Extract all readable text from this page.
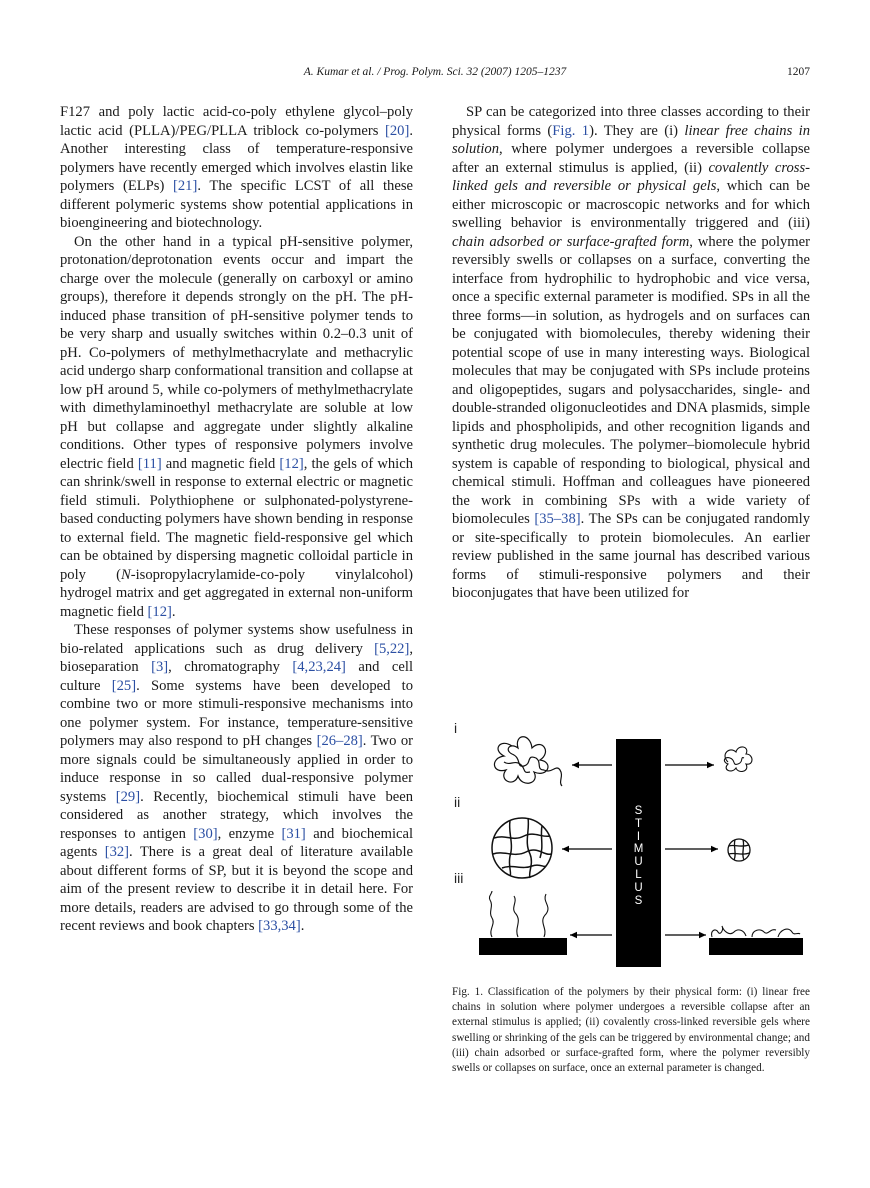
A. Kumar et al. / Prog. Polym. Sci. 32 (2007) 1205–1237	1207

F127 and poly lactic acid-co-poly ethylene glycol–poly lactic acid (PLLA)/PEG/PLLA triblock co-polymers [20]. Another interesting class of temperature-responsive polymers have recently emerged which involves elastin like polymers (ELPs) [21]. The specific LCST of all these different polymeric systems show potential applications in bioengineering and biotechnology.

On the other hand in a typical pH-sensitive polymer, protonation/deprotonation events occur and impart the charge over the molecule (generally on carboxyl or amino groups), therefore it depends strongly on the pH. The pH-induced phase transition of pH-sensitive polymer tends to be very sharp and usually switches within 0.2–0.3 unit of pH. Co-polymers of methylmethacrylate and methacrylic acid undergo sharp conformational transition and collapse at low pH around 5, while co-polymers of methylmethacrylate with dimethylaminoethyl methacrylate are soluble at low pH but collapse and aggregate under slightly alkaline conditions. Other types of responsive polymers involve electric field [11] and magnetic field [12], the gels of which can shrink/swell in response to external electric or magnetic field stimuli. Polythiophene or sulphonated-polystyrene-based conducting polymers have shown bending in response to external field. The magnetic field-responsive gel which can be obtained by dispersing magnetic colloidal particle in poly (N-isopropylacrylamide-co-poly vinylalcohol) hydrogel matrix and get aggregated in external non-uniform magnetic field [12].

These responses of polymer systems show usefulness in bio-related applications such as drug delivery [5,22], bioseparation [3], chromatography [4,23,24] and cell culture [25]. Some systems have been developed to combine two or more stimuli-responsive mechanisms into one polymer system. For instance, temperature-sensitive polymers may also respond to pH changes [26–28]. Two or more signals could be simultaneously applied in order to induce response in so called dual-responsive polymer systems [29]. Recently, biochemical stimuli have been considered as another strategy, which involves the responses to antigen [30], enzyme [31] and biochemical agents [32]. There is a great deal of literature available about different forms of SP, but it is beyond the scope and aim of the present review to describe it in detail here. For more details, readers are advised to go through some of the recent reviews and book chapters [33,34].

SP can be categorized into three classes according to their physical forms (Fig. 1). They are (i) linear free chains in solution, where polymer undergoes a reversible collapse after an external stimulus is applied, (ii) covalently cross-linked gels and reversible or physical gels, which can be either microscopic or macroscopic networks and for which swelling behavior is environmentally triggered and (iii) chain adsorbed or surface-grafted form, where the polymer reversibly swells or collapses on a surface, converting the interface from hydrophilic to hydrophobic and vice versa, once a specific external parameter is modified. SPs in all the three forms—in solution, as hydrogels and on surfaces can be conjugated with biomolecules, thereby widening their potential scope of use in many interesting ways. Biological molecules that may be conjugated with SPs include proteins and oligopeptides, sugars and polysaccharides, single- and double-stranded oligonucleotides and DNA plasmids, simple lipids and phospholipids, and other recognition ligands and synthetic drug molecules. The polymer–biomolecule hybrid system is capable of responding to biological, physical and chemical stimuli. Hoffman and colleagues have pioneered the work in combining SPs with a wide variety of biomolecules [35–38]. The SPs can be conjugated randomly or site-specifically to protein biomolecules. An earlier review published in the same journal has described various forms of stimuli-responsive polymers and their bioconjugates that have been utilized for

i
ii
iii
S
T
I
M
U
L
U
S

Fig. 1. Classification of the polymers by their physical form: (i) linear free chains in solution where polymer undergoes a reversible collapse after an external stimulus is applied; (ii) covalently cross-linked reversible gels where swelling or shrinking of the gels can be triggered by environmental change; and (iii) chain adsorbed or surface-grafted form, where the polymer reversibly swells or collapses on surface, once an external parameter is changed.
